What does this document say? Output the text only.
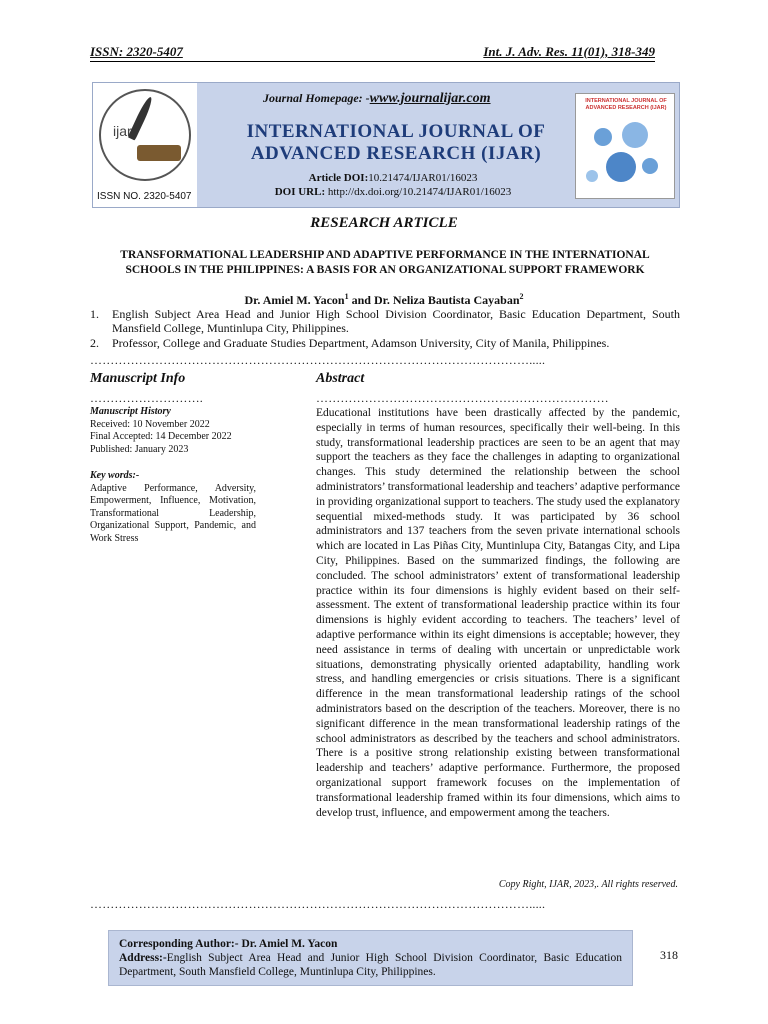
ISSN: 2320-5407	Int. J. Adv. Res. 11(01), 318-349
ijar
ISSN NO. 2320-5407
Journal Homepage: -www.journalijar.com
INTERNATIONAL JOURNAL OF
ADVANCED RESEARCH (IJAR)
Article DOI:10.21474/IJAR01/16023
DOI URL: http://dx.doi.org/10.21474/IJAR01/16023
INTERNATIONAL JOURNAL OF ADVANCED RESEARCH (IJAR)
RESEARCH ARTICLE
TRANSFORMATIONAL LEADERSHIP AND ADAPTIVE PERFORMANCE IN THE INTERNATIONAL
SCHOOLS IN THE PHILIPPINES: A BASIS FOR AN ORGANIZATIONAL SUPPORT FRAMEWORK
Dr. Amiel M. Yacon$^1$ and Dr. Neliza Bautista Cayaban$^2$
1.	English Subject Area Head and Junior High School Division Coordinator, Basic Education Department, South Mansfield College, Muntinlupa City, Philippines.
2.	Professor, College and Graduate Studies Department, Adamson University, City of Manila, Philippines.
……………………………………………………………………………………………….....
Manuscript Info	Abstract
……………………….	………………………………………………………………
Manuscript History
Received: 10 November 2022
Final Accepted: 14 December 2022
Published: January 2023
Key words:-
Adaptive Performance, Adversity, Empowerment, Influence, Motivation, Transformational Leadership, Organizational Support, Pandemic, and Work Stress
Educational institutions have been drastically affected by the pandemic, especially in terms of human resources, specifically their well-being. In this study, transformational leadership practices are seen to be an agent that may support the teachers as they face the challenges in adapting to organizational changes. This study determined the relationship between the school administrators’ transformational leadership and teachers’ adaptive performance in providing organizational support to teachers. The study used the explanatory sequential mixed-methods study. It was participated by 36 school administrators and 137 teachers from the seven private international schools which are located in Las Piñas City, Muntinlupa City, Batangas City, and Lipa City, Philippines. Based on the summarized findings, the following are concluded. The school administrators’ extent of transformational leadership practice within its four dimensions is highly evident based on their self-assessment. The extent of transformational leadership practice within its four dimensions is highly evident according to teachers. The teachers’ level of adaptive performance within its eight dimensions is acceptable; however, they need assistance in terms of dealing with uncertain or unpredictable work situations, demonstrating physically oriented adaptability, handling work stress, and handling emergencies or crisis situations. There is a significant difference in the mean transformational leadership ratings of the school administrators based on the description of the teachers. Moreover, there is no significant difference in the mean transformational leadership ratings of the school administrators as described by the teachers and school administrators. There is a positive strong relationship existing between transformational leadership and teachers’ adaptive performance. Furthermore, the proposed organizational support framework focuses on the implementation of transformational leadership framed within its four dimensions, which aims to develop trust, influence, and empowerment among the teachers.
Copy Right, IJAR, 2023,. All rights reserved.
……………………………………………………………………………………………….....
Corresponding Author:- Dr. Amiel M. Yacon
Address:-English Subject Area Head and Junior High School Division Coordinator, Basic Education Department, South Mansfield College, Muntinlupa City, Philippines.
318
